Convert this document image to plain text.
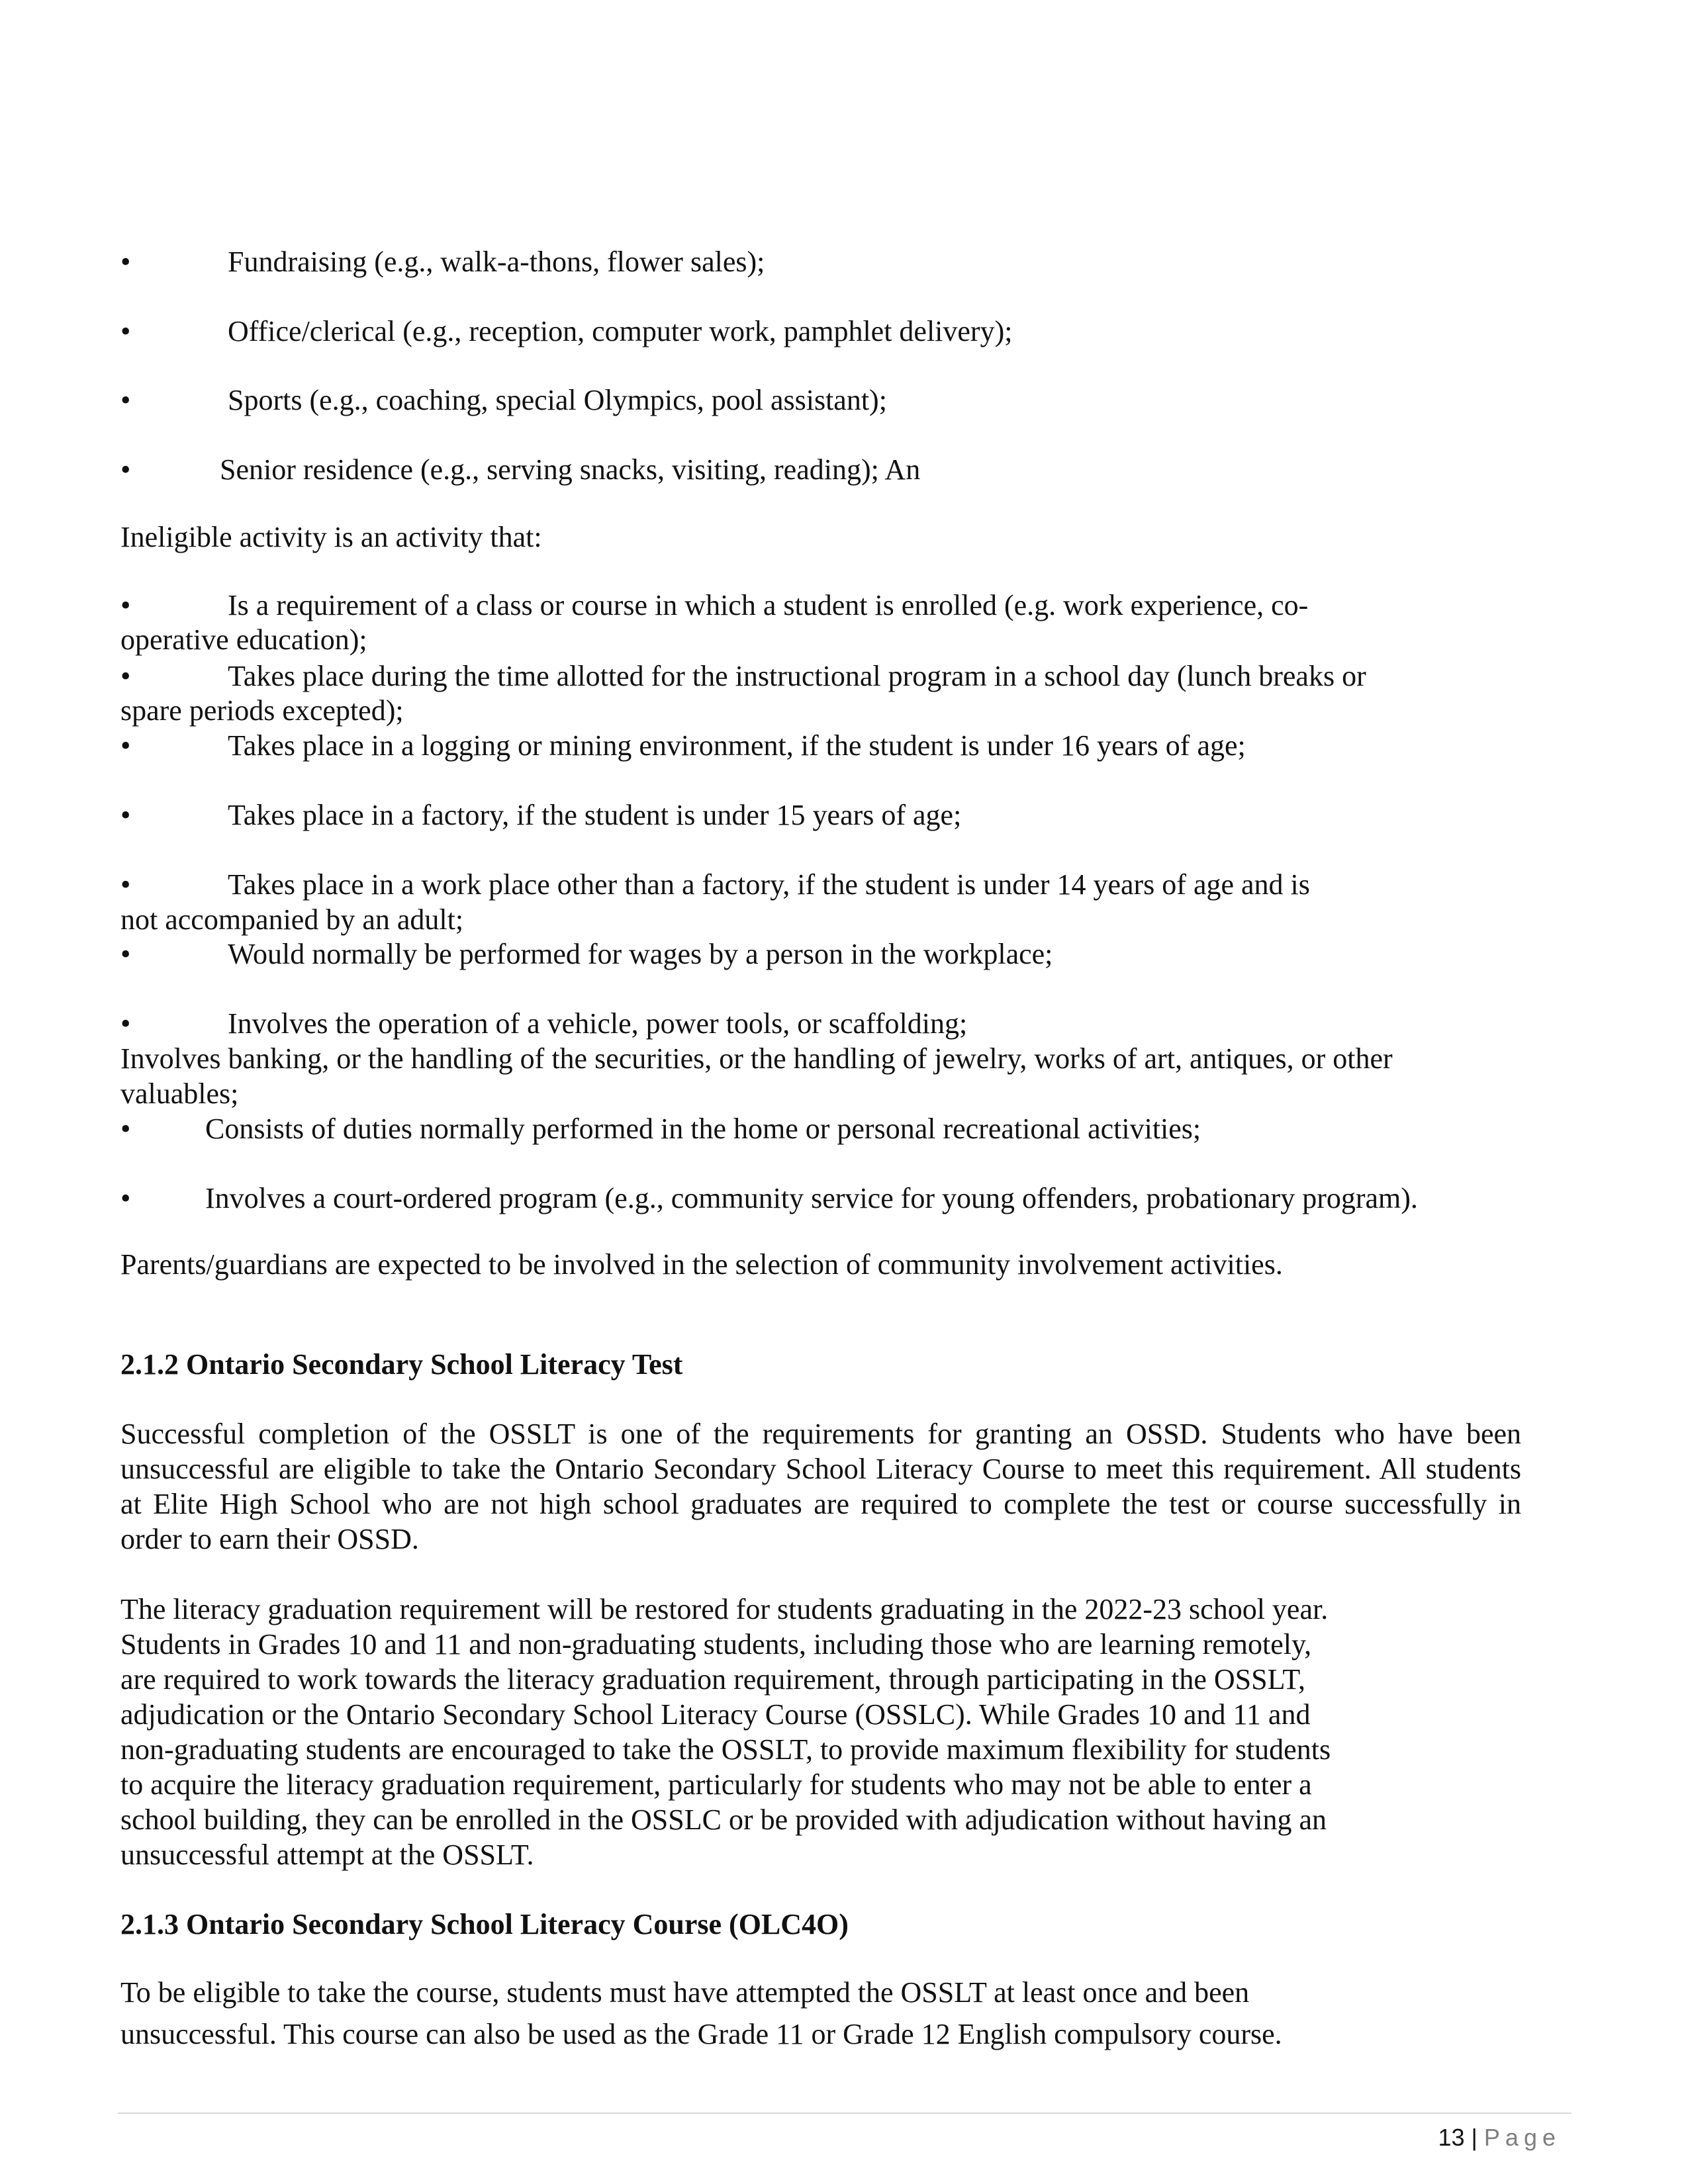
•	Fundraising (e.g., walk-a-thons, flower sales);
•	Office/clerical (e.g., reception, computer work, pamphlet delivery);
•	Sports (e.g., coaching, special Olympics, pool assistant);
•	Senior residence (e.g., serving snacks, visiting, reading); An
Ineligible activity is an activity that:
•	Is a requirement of a class or course in which a student is enrolled (e.g. work experience, co-
operative education);
•	Takes place during the time allotted for the instructional program in a school day (lunch breaks or
spare periods excepted);
•	Takes place in a logging or mining environment, if the student is under 16 years of age;
•	Takes place in a factory, if the student is under 15 years of age;
•	Takes place in a work place other than a factory, if the student is under 14 years of age and is
not accompanied by an adult;
•	Would normally be performed for wages by a person in the workplace;
•	Involves the operation of a vehicle, power tools, or scaffolding;
Involves banking, or the handling of the securities, or the handling of jewelry, works of art, antiques, or other
valuables;
•	Consists of duties normally performed in the home or personal recreational activities;
•	Involves a court-ordered program (e.g., community service for young offenders, probationary program).
Parents/guardians are expected to be involved in the selection of community involvement activities.
2.1.2 Ontario Secondary School Literacy Test
Successful completion of the OSSLT is one of the requirements for granting an OSSD. Students who have been
unsuccessful are eligible to take the Ontario Secondary School Literacy Course to meet this requirement. All students
at Elite High School who are not high school graduates are required to complete the test or course successfully in
order to earn their OSSD.
The literacy graduation requirement will be restored for students graduating in the 2022-23 school year.
Students in Grades 10 and 11 and non-graduating students, including those who are learning remotely,
are required to work towards the literacy graduation requirement, through participating in the OSSLT,
adjudication or the Ontario Secondary School Literacy Course (OSSLC). While Grades 10 and 11 and
non-graduating students are encouraged to take the OSSLT, to provide maximum flexibility for students
to acquire the literacy graduation requirement, particularly for students who may not be able to enter a
school building, they can be enrolled in the OSSLC or be provided with adjudication without having an
unsuccessful attempt at the OSSLT.
2.1.3 Ontario Secondary School Literacy Course (OLC4O)
To be eligible to take the course, students must have attempted the OSSLT at least once and been
unsuccessful. This course can also be used as the Grade 11 or Grade 12 English compulsory course.
13 | Page
